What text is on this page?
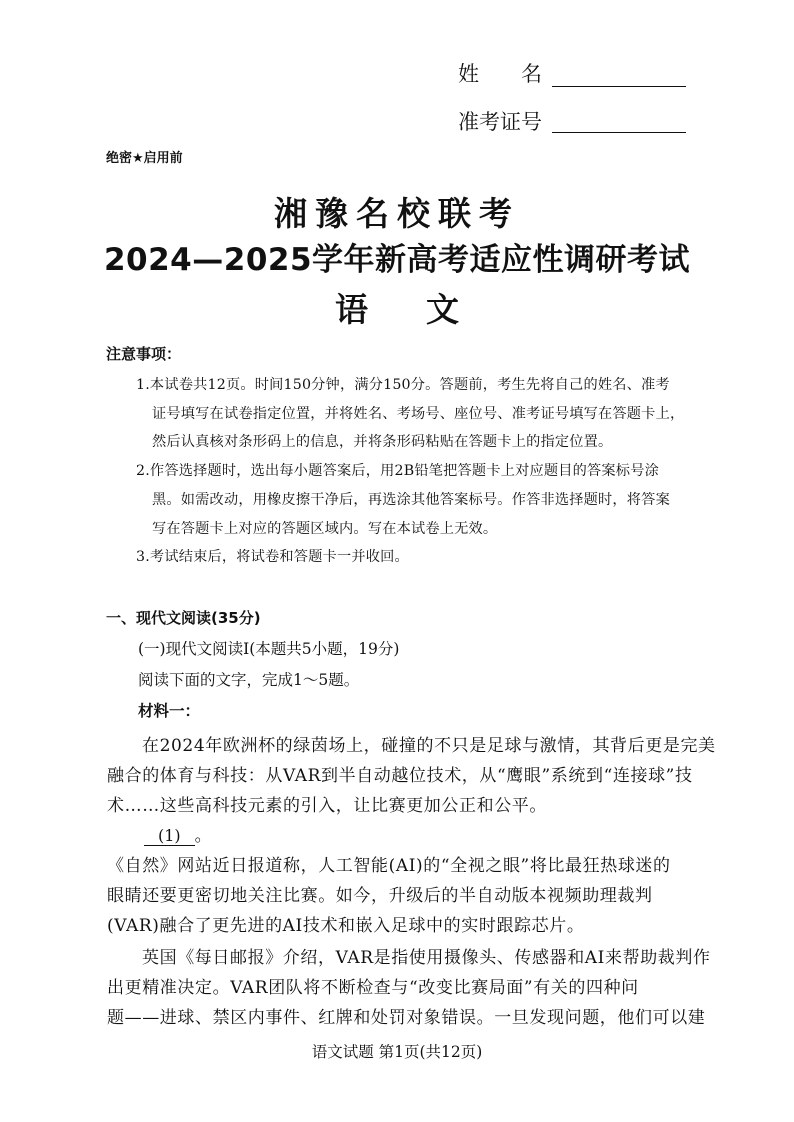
姓　　名
准考证号
绝密★启用前
湘豫名校联考
2024—2025学年新高考适应性调研考试
语 文
注意事项：
1.本试卷共12页。时间150分钟，满分150分。答题前，考生先将自己的姓名、准考
证号填写在试卷指定位置，并将姓名、考场号、座位号、准考证号填写在答题卡上，
然后认真核对条形码上的信息，并将条形码粘贴在答题卡上的指定位置。
2.作答选择题时，选出每小题答案后，用2B铅笔把答题卡上对应题目的答案标号涂
黑。如需改动，用橡皮擦干净后，再选涂其他答案标号。作答非选择题时，将答案
写在答题卡上对应的答题区域内。写在本试卷上无效。
3.考试结束后，将试卷和答题卡一并收回。
一、现代文阅读(35分)
(一)现代文阅读Ⅰ(本题共5小题，19分)
阅读下面的文字，完成1～5题。
材料一：
在2024年欧洲杯的绿茵场上，碰撞的不只是足球与激情，其背后更是完美
融合的体育与科技：从VAR到半自动越位技术，从“鹰眼”系统到“连接球”技
术……这些高科技元素的引入，让比赛更加公正和公平。
(1) 。
《自然》网站近日报道称，人工智能(AI)的“全视之眼”将比最狂热球迷的
眼睛还要更密切地关注比赛。如今，升级后的半自动版本视频助理裁判
(VAR)融合了更先进的AI技术和嵌入足球中的实时跟踪芯片。
英国《每日邮报》介绍，VAR是指使用摄像头、传感器和AI来帮助裁判作
出更精准决定。VAR团队将不断检查与“改变比赛局面”有关的四种问
题——进球、禁区内事件、红牌和处罚对象错误。一旦发现问题，他们可以建
语文试题 第1页(共12页)
